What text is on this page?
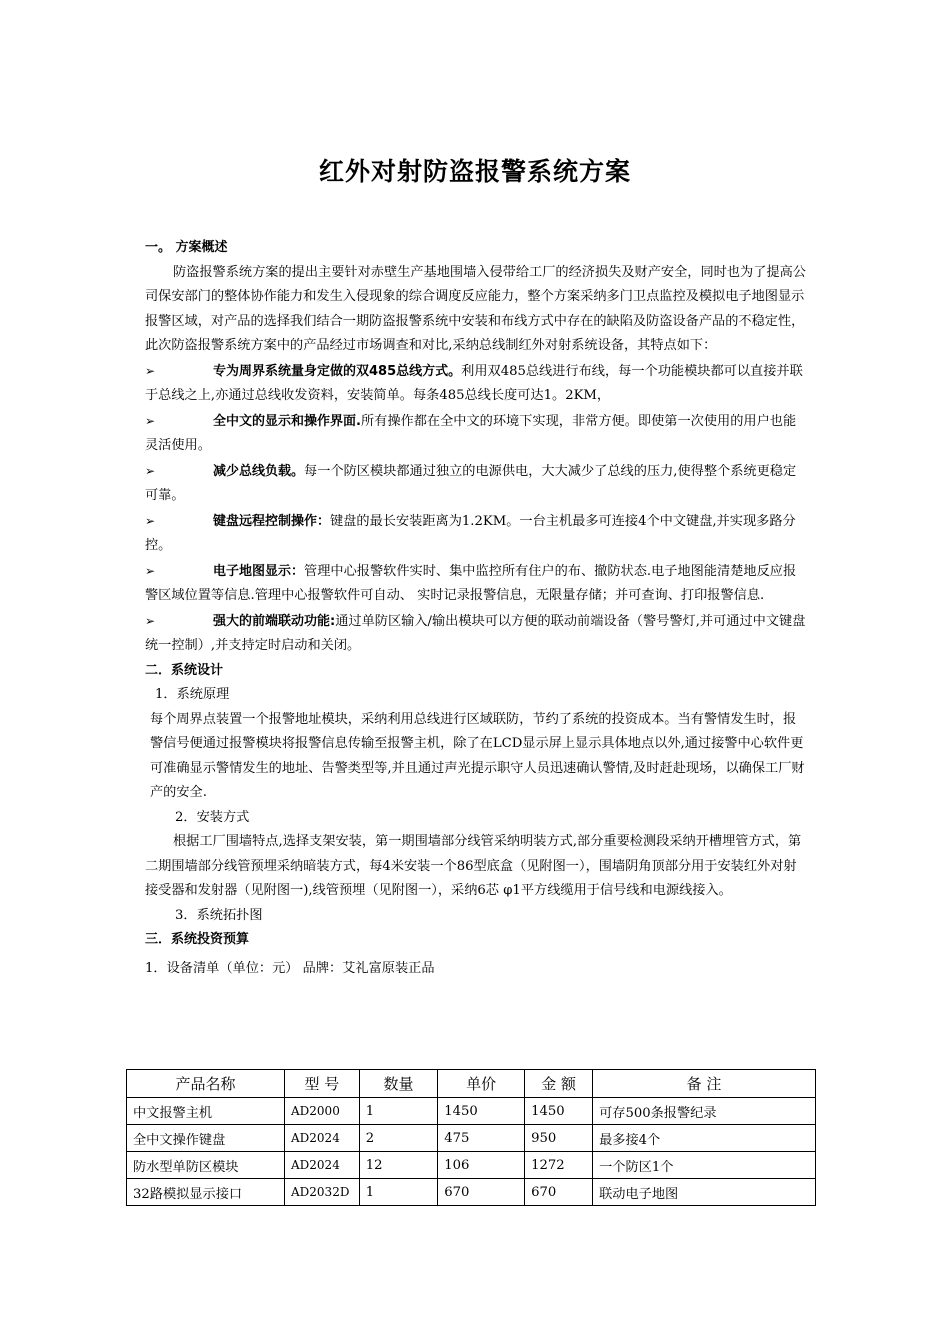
红外对射防盗报警系统方案

一。 方案概述

防盗报警系统方案的提出主要针对赤壁生产基地围墙入侵带给工厂的经济损失及财产安全，同时也为了提高公司保安部门的整体协作能力和发生入侵现象的综合调度反应能力，整个方案采纳多门卫点监控及模拟电子地图显示报警区域，对产品的选择我们结合一期防盗报警系统中安装和布线方式中存在的缺陷及防盗设备产品的不稳定性，此次防盗报警系统方案中的产品经过市场调查和对比,采纳总线制红外对射系统设备，其特点如下：

➢	专为周界系统量身定做的双485总线方式。利用双485总线进行布线，每一个功能模块都可以直接并联于总线之上,亦通过总线收发资料，安装简单。每条485总线长度可达1。2KM，

➢	全中文的显示和操作界面.所有操作都在全中文的环境下实现，非常方便。即使第一次使用的用户也能灵活使用。

➢	减少总线负载。每一个防区模块都通过独立的电源供电，大大减少了总线的压力,使得整个系统更稳定可靠。

➢	键盘远程控制操作：键盘的最长安装距离为1.2KM。一台主机最多可连接4个中文键盘,并实现多路分控。

➢	电子地图显示：管理中心报警软件实时、集中监控所有住户的布、撤防状态.电子地图能清楚地反应报警区域位置等信息.管理中心报警软件可自动、 实时记录报警信息，无限量存储；并可查询、打印报警信息.

➢	强大的前端联动功能:通过单防区输入/输出模块可以方便的联动前端设备（警号警灯,并可通过中文键盘统一控制）,并支持定时启动和关闭。

二．系统设计

1．系统原理

每个周界点装置一个报警地址模块，采纳利用总线进行区域联防，节约了系统的投资成本。当有警情发生时，报警信号便通过报警模块将报警信息传输至报警主机，除了在LCD显示屏上显示具体地点以外,通过接警中心软件更可准确显示警情发生的地址、告警类型等,并且通过声光提示职守人员迅速确认警情,及时赶赴现场，以确保工厂财产的安全.

2．安装方式

根据工厂围墙特点,选择支架安装，第一期围墙部分线管采纳明装方式,部分重要检测段采纳开槽埋管方式，第二期围墙部分线管预埋采纳暗装方式，每4米安装一个86型底盒（见附图一），围墙阴角顶部分用于安装红外对射接受器和发射器（见附图一),线管预埋（见附图一），采纳6芯 φ1平方线缆用于信号线和电源线接入。

3．系统拓扑图

三．系统投资预算

1．设备清单（单位：元） 品牌：艾礼富原装正品

产品名称	型 号	数量	单价	金 额	备 注
中文报警主机	AD2000	1	1450	1450	可存500条报警纪录
全中文操作键盘	AD2024	2	475	950	最多接4个
防水型单防区模块	AD2024	12	106	1272	一个防区1个
32路模拟显示接口	AD2032D	1	670	670	联动电子地图
